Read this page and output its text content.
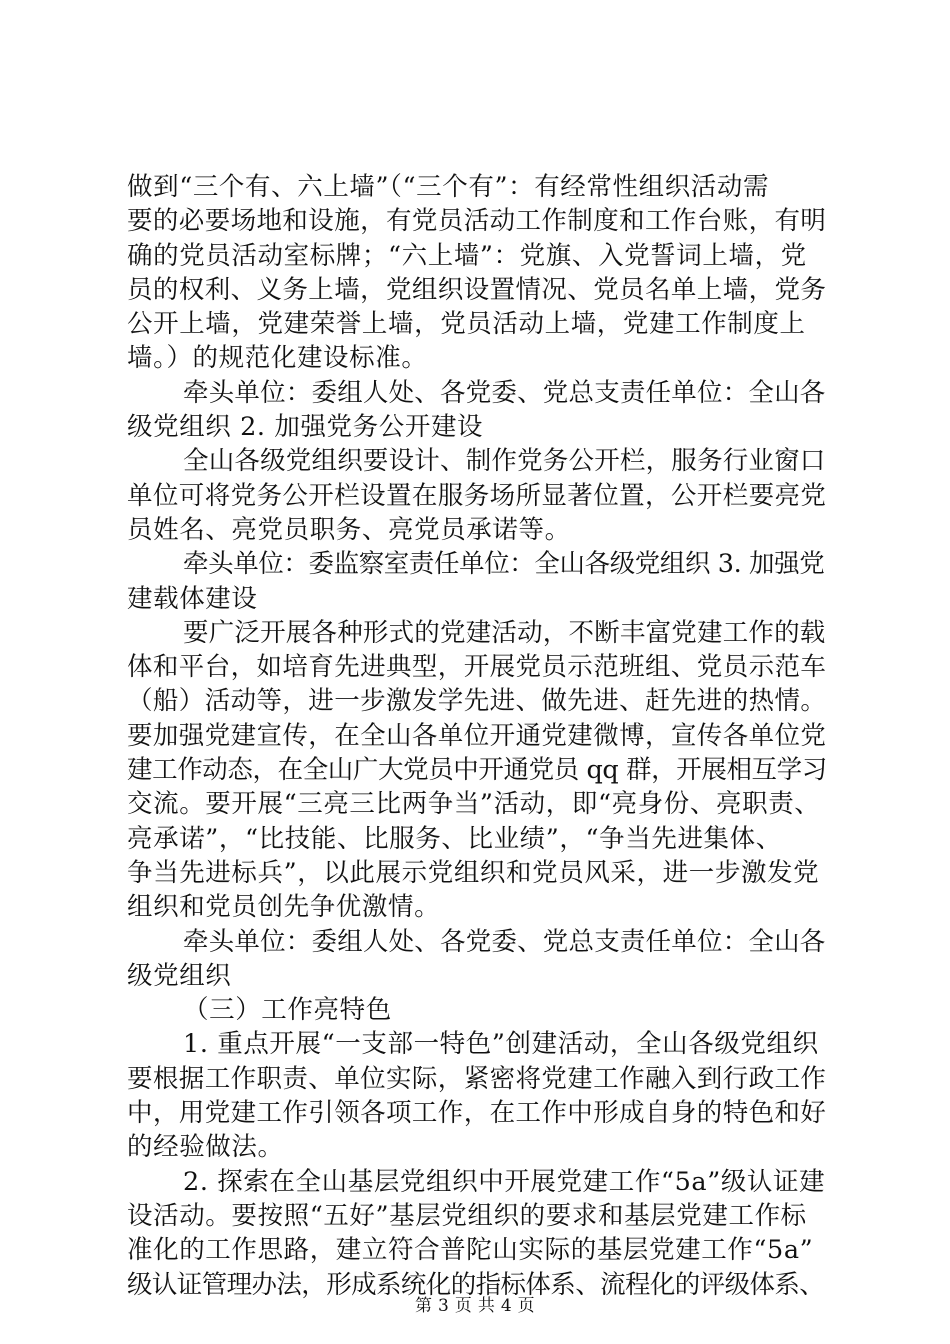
做到“三个有、六上墙”（“三个有”：有经常性组织活动需
要的必要场地和设施，有党员活动工作制度和工作台账，有明
确的党员活动室标牌；“六上墙”：党旗、入党誓词上墙，党
员的权利、义务上墙，党组织设置情况、党员名单上墙，党务
公开上墙，党建荣誉上墙，党员活动上墙，党建工作制度上
墙。）的规范化建设标准。
牵头单位：委组人处、各党委、党总支责任单位：全山各
级党组织 2. 加强党务公开建设
全山各级党组织要设计、制作党务公开栏，服务行业窗口
单位可将党务公开栏设置在服务场所显著位置，公开栏要亮党
员姓名、亮党员职务、亮党员承诺等。
牵头单位：委监察室责任单位：全山各级党组织 3. 加强党
建载体建设
要广泛开展各种形式的党建活动，不断丰富党建工作的载
体和平台，如培育先进典型，开展党员示范班组、党员示范车
（船）活动等，进一步激发学先进、做先进、赶先进的热情。
要加强党建宣传，在全山各单位开通党建微博，宣传各单位党
建工作动态，在全山广大党员中开通党员 qq 群，开展相互学习
交流。要开展“三亮三比两争当”活动，即“亮身份、亮职责、
亮承诺”，“比技能、比服务、比业绩”，“争当先进集体、
争当先进标兵”，以此展示党组织和党员风采，进一步激发党
组织和党员创先争优激情。
牵头单位：委组人处、各党委、党总支责任单位：全山各
级党组织
（三）工作亮特色
1. 重点开展“一支部一特色”创建活动，全山各级党组织
要根据工作职责、单位实际，紧密将党建工作融入到行政工作
中，用党建工作引领各项工作，在工作中形成自身的特色和好
的经验做法。
2. 探索在全山基层党组织中开展党建工作“5a”级认证建
设活动。要按照“五好”基层党组织的要求和基层党建工作标
准化的工作思路，建立符合普陀山实际的基层党建工作“5a”
级认证管理办法，形成系统化的指标体系、流程化的评级体系、
第 3 页 共 4 页
